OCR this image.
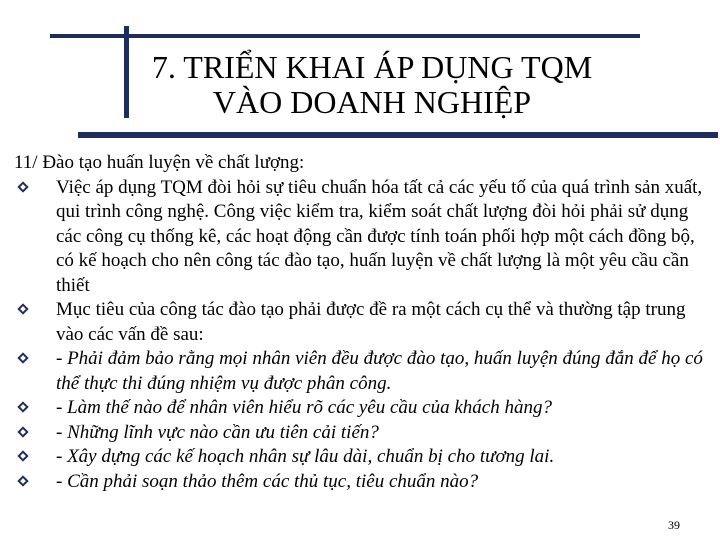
7. TRIỂN KHAI ÁP DỤNG TQM
VÀO DOANH NGHIỆP

11/ Đào tạo huấn luyện về chất lượng:

Việc áp dụng TQM đòi hỏi sự tiêu chuẩn hóa tất cả các yếu tố của quá trình sản xuất, qui trình công nghệ. Công việc kiểm tra, kiểm soát chất lượng đòi hỏi phải sử dụng các công cụ thống kê, các hoạt động cần được tính toán phối hợp một cách đồng bộ, có kế hoạch cho nên công tác đào tạo, huấn luyện về chất lượng là một yêu cầu cần thiết
Mục tiêu của công tác đào tạo phải được đề ra một cách cụ thể và thường tập trung vào các vấn đề sau:
- Phải đảm bảo rằng mọi nhân viên đều được đào tạo, huấn luyện đúng đắn để họ có thể thực thi đúng nhiệm vụ được phân công.
- Làm thế nào để nhân viên hiểu rõ các yêu cầu của khách hàng?
- Những lĩnh vực nào cần ưu tiên cải tiến?
- Xây dựng các kế hoạch nhân sự lâu dài, chuẩn bị cho tương lai.
- Cần phải soạn thảo thêm các thủ tục, tiêu chuẩn nào?
39
